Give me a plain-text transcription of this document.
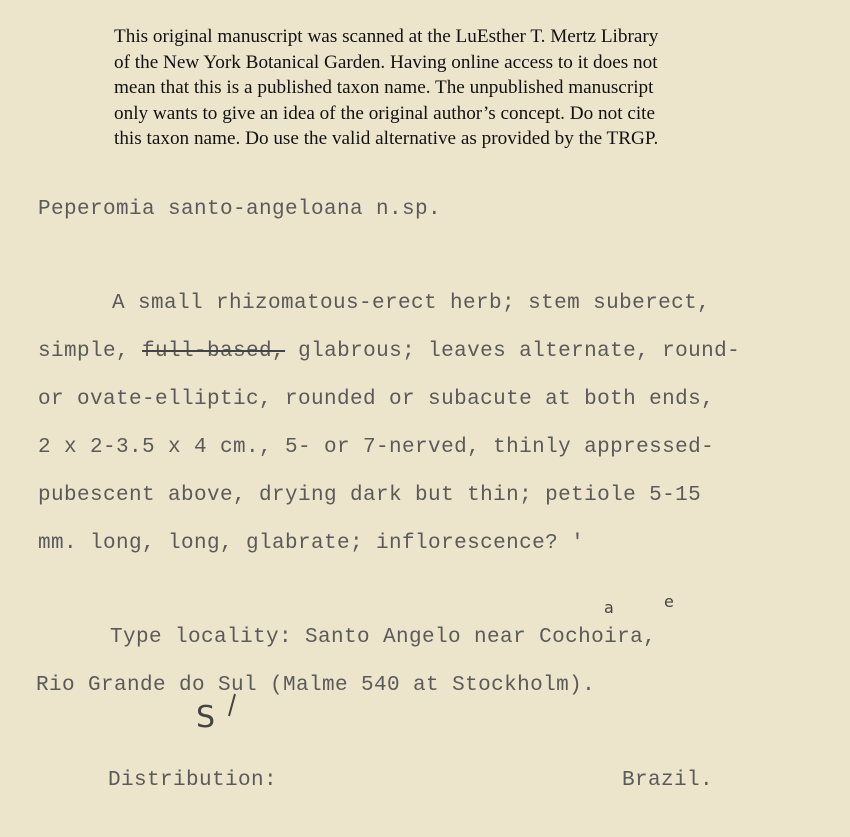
This original manuscript was scanned at the LuEsther T. Mertz Library
of the New York Botanical Garden. Having online access to it does not
mean that this is a published taxon name. The unpublished manuscript
only wants to give an idea of the original author’s concept. Do not cite
this taxon name. Do use the valid alternative as provided by the TRGP.
Peperomia santo-angeloana n.sp.
A small rhizomatous-erect herb; stem suberect,
simple, full-based, glabrous; leaves alternate, round-
or ovate-elliptic, rounded or subacute at both ends,
2 x 2-3.5 x 4 cm., 5- or 7-nerved, thinly appressed-
pubescent above, drying dark but thin; petiole 5-15
mm. long, long, glabrate; inflorescence? '
a	e
Type locality: Santo Angelo near Cochoira,
Rio Grande do Sul (Malme 540 at Stockholm).
S
Distribution:	Brazil.
